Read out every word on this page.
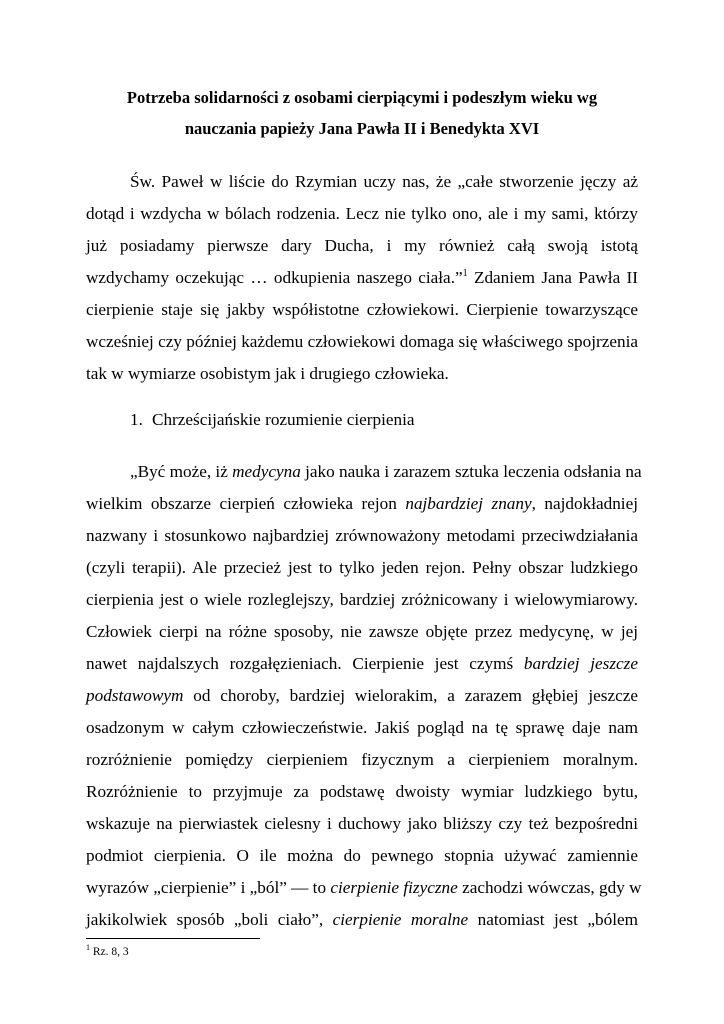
Potrzeba solidarności z osobami cierpiącymi i podeszłym wieku wg
nauczania papieży Jana Pawła II i Benedykta XVI
Św. Paweł w liście do Rzymian uczy nas, że „całe stworzenie jęczy aż
dotąd i wzdycha w bólach rodzenia. Lecz nie tylko ono, ale i my sami, którzy
już posiadamy pierwsze dary Ducha, i my również całą swoją istotą
wzdychamy oczekując … odkupienia naszego ciała.”$^1$ Zdaniem Jana Pawła II
cierpienie staje się jakby współistotne człowiekowi. Cierpienie towarzyszące
wcześniej czy później każdemu człowiekowi domaga się właściwego spojrzenia
tak w wymiarze osobistym jak i drugiego człowieka.
1. Chrześcijańskie rozumienie cierpienia
„Być może, iż medycyna jako nauka i zarazem sztuka leczenia odsłania na
wielkim obszarze cierpień człowieka rejon najbardziej znany, najdokładniej
nazwany i stosunkowo najbardziej zrównoważony metodami przeciwdziałania
(czyli terapii). Ale przecież jest to tylko jeden rejon. Pełny obszar ludzkiego
cierpienia jest o wiele rozleglejszy, bardziej zróżnicowany i wielowymiarowy.
Człowiek cierpi na różne sposoby, nie zawsze objęte przez medycynę, w jej
nawet najdalszych rozgałęzieniach. Cierpienie jest czymś bardziej jeszcze
podstawowym od choroby, bardziej wielorakim, a zarazem głębiej jeszcze
osadzonym w całym człowieczeństwie. Jakiś pogląd na tę sprawę daje nam
rozróżnienie pomiędzy cierpieniem fizycznym a cierpieniem moralnym.
Rozróżnienie to przyjmuje za podstawę dwoisty wymiar ludzkiego bytu,
wskazuje na pierwiastek cielesny i duchowy jako bliższy czy też bezpośredni
podmiot cierpienia. O ile można do pewnego stopnia używać zamiennie
wyrazów „cierpienie” i „ból” — to cierpienie fizyczne zachodzi wówczas, gdy w
jakikolwiek sposób „boli ciało”, cierpienie moralne natomiast jest „bólem
$^1$ Rz. 8, 3
